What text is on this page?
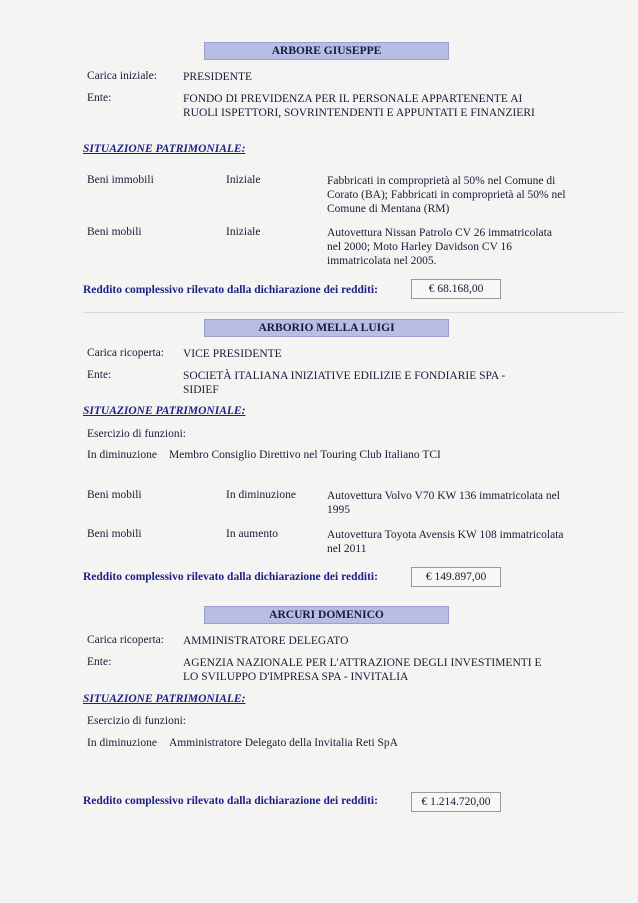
ARBORE GIUSEPPE
Carica iniziale: PRESIDENTE
Ente:	FONDO DI PREVIDENZA PER IL PERSONALE APPARTENENTE AI RUOLI ISPETTORI, SOVRINTENDENTI E APPUNTATI E FINANZIERI
SITUAZIONE PATRIMONIALE:
Beni immobili	Iniziale	Fabbricati in comproprietà al 50% nel Comune di Corato (BA); Fabbricati in comproprietà al 50% nel Comune di Mentana (RM)
Beni mobili	Iniziale	Autovettura Nissan Patrolo CV 26 immatricolata nel 2000; Moto Harley Davidson CV 16 immatricolata nel 2005.
Reddito complessivo rilevato dalla dichiarazione dei redditi:	€ 68.168,00
ARBORIO MELLA LUIGI
Carica ricoperta: VICE PRESIDENTE
Ente:	SOCIETÀ ITALIANA INIZIATIVE EDILIZIE E FONDIARIE SPA - SIDIEF
SITUAZIONE PATRIMONIALE:
Esercizio di funzioni:
In diminuzione Membro Consiglio Direttivo nel Touring Club Italiano TCI
Beni mobili	In diminuzione	Autovettura Volvo V70 KW 136 immatricolata nel 1995
Beni mobili	In aumento	Autovettura Toyota Avensis KW 108 immatricolata nel 2011
Reddito complessivo rilevato dalla dichiarazione dei redditi:	€ 149.897,00
ARCURI DOMENICO
Carica ricoperta: AMMINISTRATORE DELEGATO
Ente:	AGENZIA NAZIONALE PER L'ATTRAZIONE DEGLI INVESTIMENTI E LO SVILUPPO D'IMPRESA SPA - INVITALIA
SITUAZIONE PATRIMONIALE:
Esercizio di funzioni:
In diminuzione Amministratore Delegato della Invitalia Reti SpA
Reddito complessivo rilevato dalla dichiarazione dei redditi:	€ 1.214.720,00
